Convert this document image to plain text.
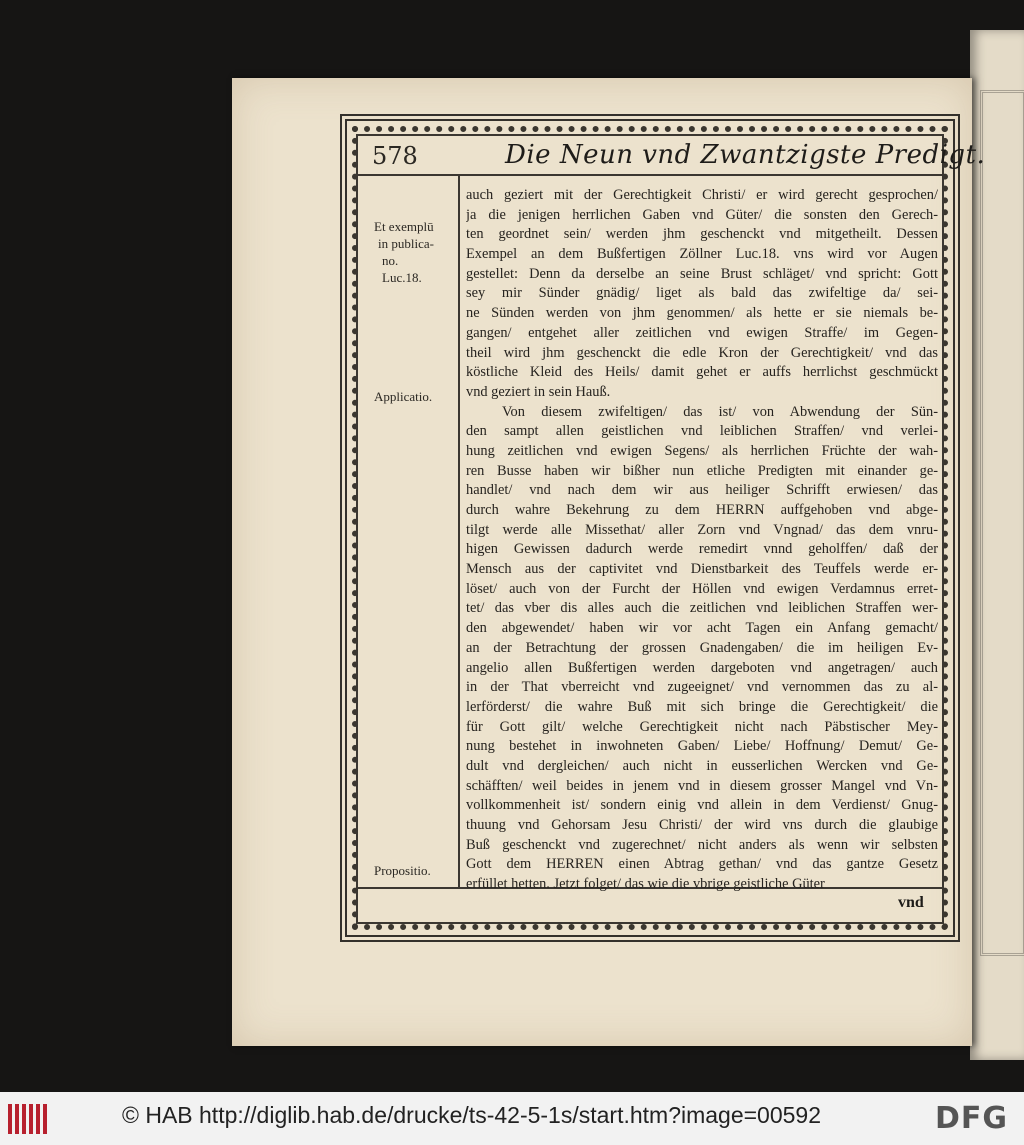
578	Die Neun vnd Zwantzigste Predigt.
Et exemplū
in publica-
no.
Luc.18.
Applicatio.
Propositio.
auch geziert mit der Gerechtigkeit Christi/ er wird gerecht gesprochen/
ja die jenigen herrlichen Gaben vnd Güter/ die sonsten den Gerech-
ten geordnet sein/ werden jhm geschenckt vnd mitgetheilt. Dessen
Exempel an dem Bußfertigen Zöllner Luc.18. vns wird vor Augen
gestellet: Denn da derselbe an seine Brust schläget/ vnd spricht: Gott
sey mir Sünder gnädig/ liget als bald das zwifeltige da/ sei-
ne Sünden werden von jhm genommen/ als hette er sie niemals be-
gangen/ entgehet aller zeitlichen vnd ewigen Straffe/ im Gegen-
theil wird jhm geschenckt die edle Kron der Gerechtigkeit/ vnd das
köstliche Kleid des Heils/ damit gehet er auffs herrlichst geschmückt
vnd geziert in sein Hauß.
Von diesem zwifeltigen/ das ist/ von Abwendung der Sün-
den sampt allen geistlichen vnd leiblichen Straffen/ vnd verlei-
hung zeitlichen vnd ewigen Segens/ als herrlichen Früchte der wah-
ren Busse haben wir bißher nun etliche Predigten mit einander ge-
handlet/ vnd nach dem wir aus heiliger Schrifft erwiesen/ das
durch wahre Bekehrung zu dem HERRN auffgehoben vnd abge-
tilgt werde alle Missethat/ aller Zorn vnd Vngnad/ das dem vnru-
higen Gewissen dadurch werde remedirt vnnd geholffen/ daß der
Mensch aus der captivitet vnd Dienstbarkeit des Teuffels werde er-
löset/ auch von der Furcht der Höllen vnd ewigen Verdamnus erret-
tet/ das vber dis alles auch die zeitlichen vnd leiblichen Straffen wer-
den abgewendet/ haben wir vor acht Tagen ein Anfang gemacht/
an der Betrachtung der grossen Gnadengaben/ die im heiligen Ev-
angelio allen Bußfertigen werden dargeboten vnd angetragen/ auch
in der That vberreicht vnd zugeeignet/ vnd vernommen das zu al-
lerförderst/ die wahre Buß mit sich bringe die Gerechtigkeit/ die
für Gott gilt/ welche Gerechtigkeit nicht nach Päbstischer Mey-
nung bestehet in inwohneten Gaben/ Liebe/ Hoffnung/ Demut/ Ge-
dult vnd dergleichen/ auch nicht in eusserlichen Wercken vnd Ge-
schäfften/ weil beides in jenem vnd in diesem grosser Mangel vnd Vn-
vollkommenheit ist/ sondern einig vnd allein in dem Verdienst/ Gnug-
thuung vnd Gehorsam Jesu Christi/ der wird vns durch die glaubige
Buß geschenckt vnd zugerechnet/ nicht anders als wenn wir selbsten
Gott dem HERREN einen Abtrag gethan/ vnd das gantze Gesetz
erfüllet hetten. Jetzt folget/ das wie die vbrige geistliche Güter
vnd
© HAB http://diglib.hab.de/drucke/ts-42-5-1s/start.htm?image=00592	DFG
